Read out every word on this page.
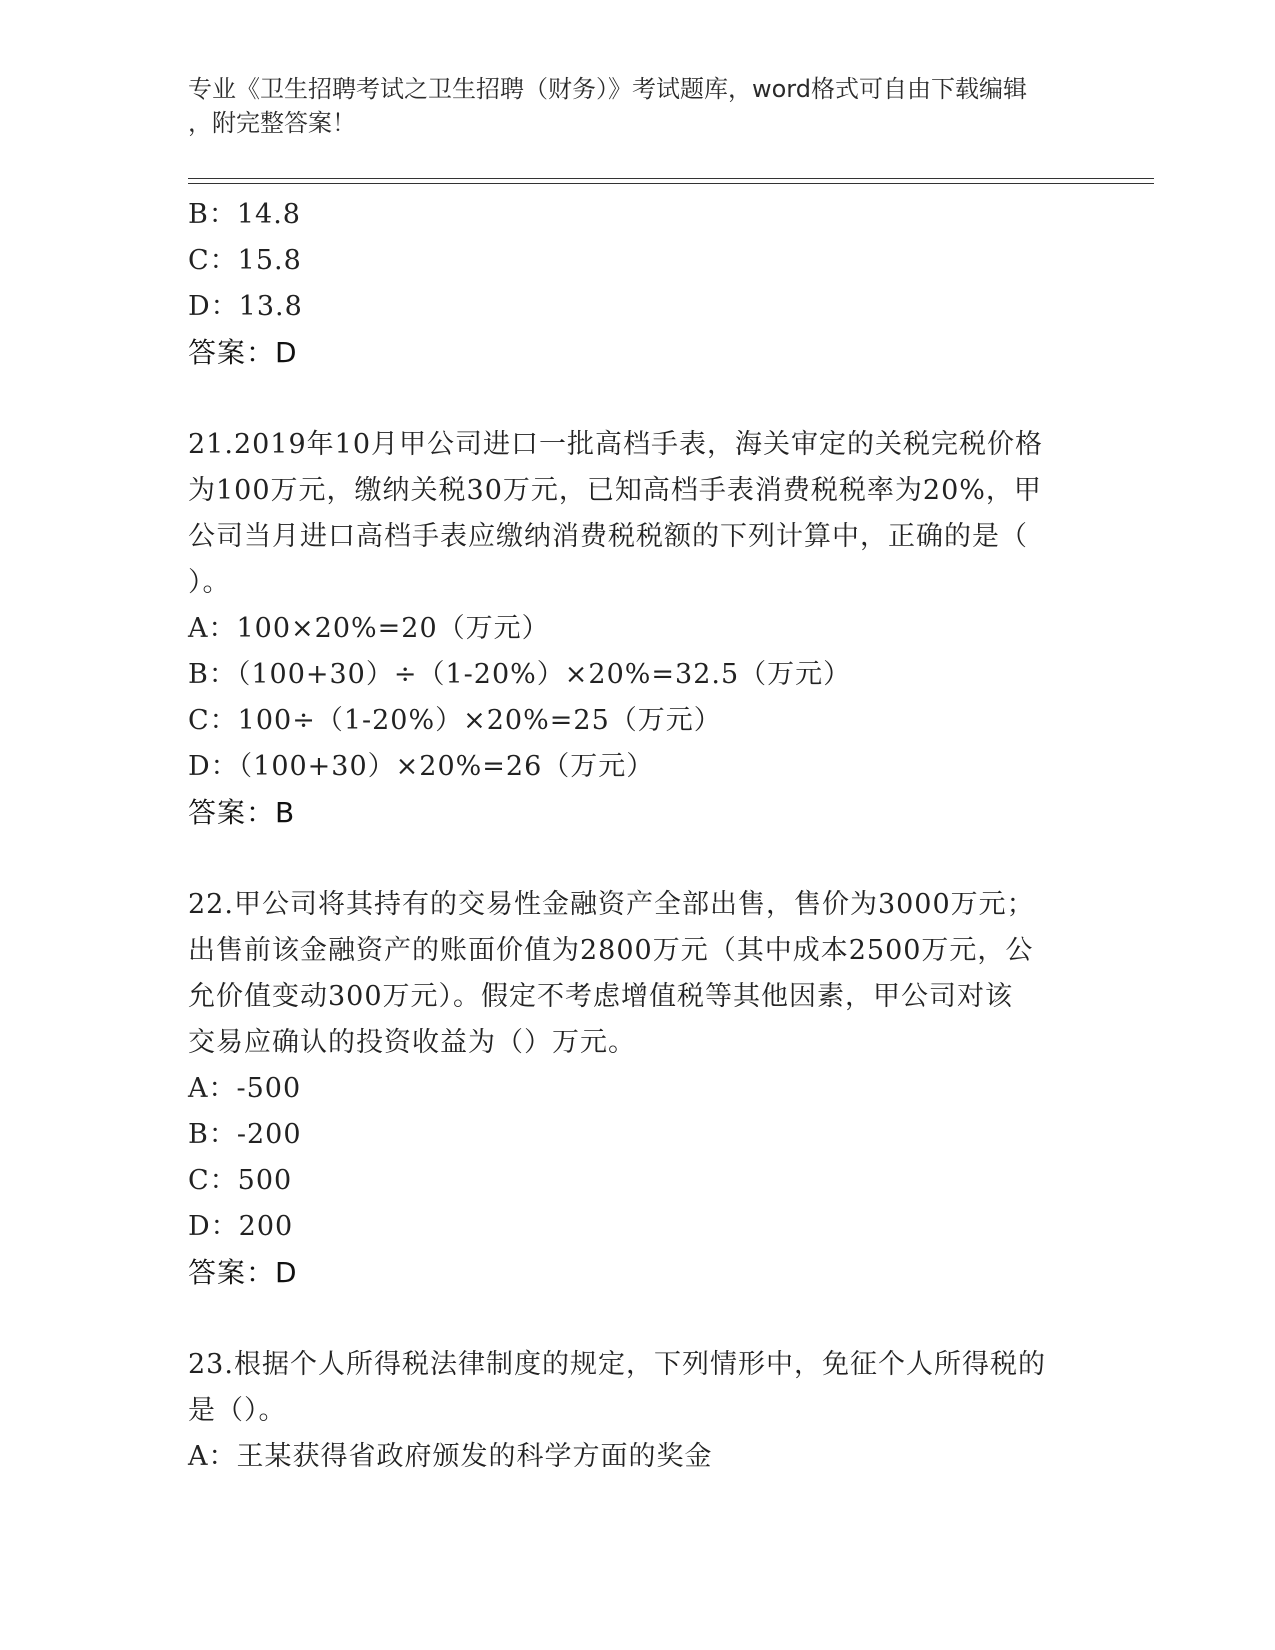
专业《卫生招聘考试之卫生招聘（财务）》考试题库，word格式可自由下载编辑
，附完整答案！
B：14.8
C：15.8
D：13.8
答案：D
21.2019年10月甲公司进口一批高档手表，海关审定的关税完税价格
为100万元，缴纳关税30万元，已知高档手表消费税税率为20%，甲
公司当月进口高档手表应缴纳消费税税额的下列计算中，正确的是（
）。
A：100×20%=20（万元）
B：（100+30）÷（1-20%）×20%=32.5（万元）
C：100÷（1-20%）×20%=25（万元）
D：（100+30）×20%=26（万元）
答案：B
22.甲公司将其持有的交易性金融资产全部出售，售价为3000万元；
出售前该金融资产的账面价值为2800万元（其中成本2500万元，公
允价值变动300万元）。假定不考虑增值税等其他因素，甲公司对该
交易应确认的投资收益为（）万元。
A：-500
B：-200
C：500
D：200
答案：D
23.根据个人所得税法律制度的规定，下列情形中，免征个人所得税的
是（）。
A：王某获得省政府颁发的科学方面的奖金
